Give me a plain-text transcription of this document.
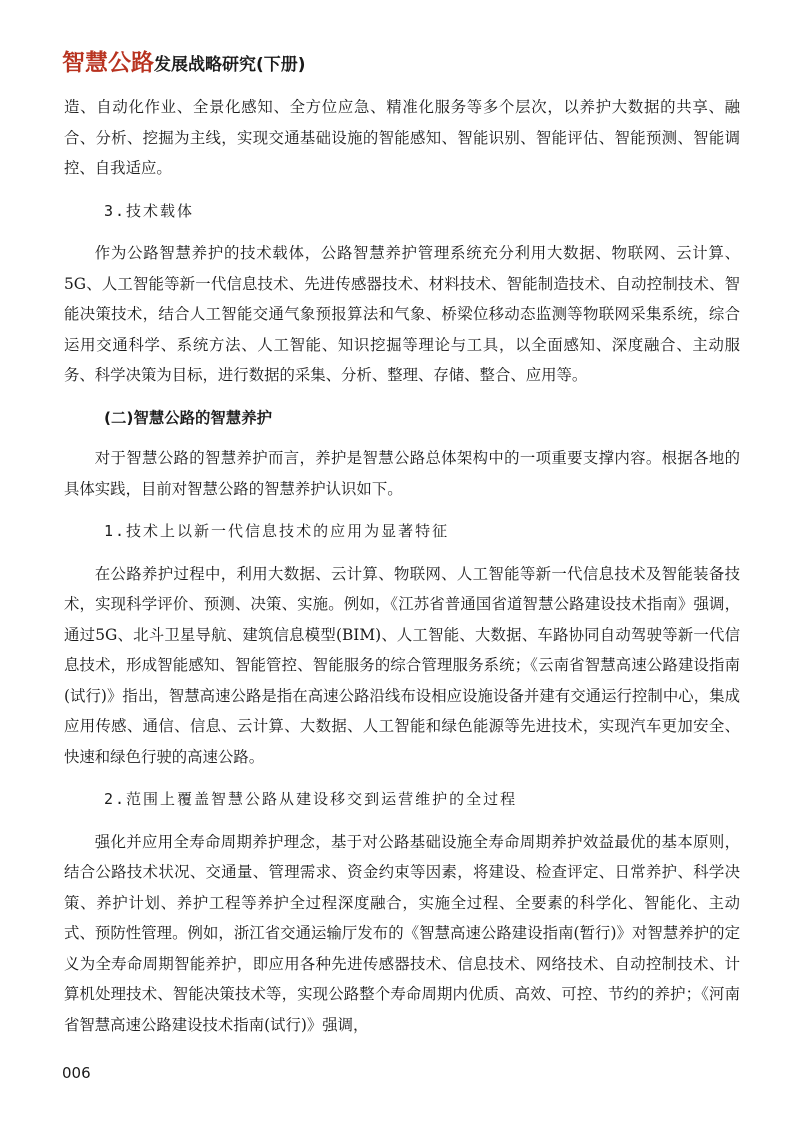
智慧公路发展战略研究(下册)

造、自动化作业、全景化感知、全方位应急、精准化服务等多个层次，以养护大数据的共享、融合、分析、挖掘为主线，实现交通基础设施的智能感知、智能识别、智能评估、智能预测、智能调控、自我适应。

3.技术载体

作为公路智慧养护的技术载体，公路智慧养护管理系统充分利用大数据、物联网、云计算、5G、人工智能等新一代信息技术、先进传感器技术、材料技术、智能制造技术、自动控制技术、智能决策技术，结合人工智能交通气象预报算法和气象、桥梁位移动态监测等物联网采集系统，综合运用交通科学、系统方法、人工智能、知识挖掘等理论与工具，以全面感知、深度融合、主动服务、科学决策为目标，进行数据的采集、分析、整理、存储、整合、应用等。

(二)智慧公路的智慧养护

对于智慧公路的智慧养护而言，养护是智慧公路总体架构中的一项重要支撑内容。根据各地的具体实践，目前对智慧公路的智慧养护认识如下。

1.技术上以新一代信息技术的应用为显著特征

在公路养护过程中，利用大数据、云计算、物联网、人工智能等新一代信息技术及智能装备技术，实现科学评价、预测、决策、实施。例如，《江苏省普通国省道智慧公路建设技术指南》强调，通过5G、北斗卫星导航、建筑信息模型(BIM)、人工智能、大数据、车路协同自动驾驶等新一代信息技术，形成智能感知、智能管控、智能服务的综合管理服务系统；《云南省智慧高速公路建设指南(试行)》指出，智慧高速公路是指在高速公路沿线布设相应设施设备并建有交通运行控制中心，集成应用传感、通信、信息、云计算、大数据、人工智能和绿色能源等先进技术，实现汽车更加安全、快速和绿色行驶的高速公路。

2.范围上覆盖智慧公路从建设移交到运营维护的全过程

强化并应用全寿命周期养护理念，基于对公路基础设施全寿命周期养护效益最优的基本原则，结合公路技术状况、交通量、管理需求、资金约束等因素，将建设、检查评定、日常养护、科学决策、养护计划、养护工程等养护全过程深度融合，实施全过程、全要素的科学化、智能化、主动式、预防性管理。例如，浙江省交通运输厅发布的《智慧高速公路建设指南(暂行)》对智慧养护的定义为全寿命周期智能养护，即应用各种先进传感器技术、信息技术、网络技术、自动控制技术、计算机处理技术、智能决策技术等，实现公路整个寿命周期内优质、高效、可控、节约的养护；《河南省智慧高速公路建设技术指南(试行)》强调，

006
